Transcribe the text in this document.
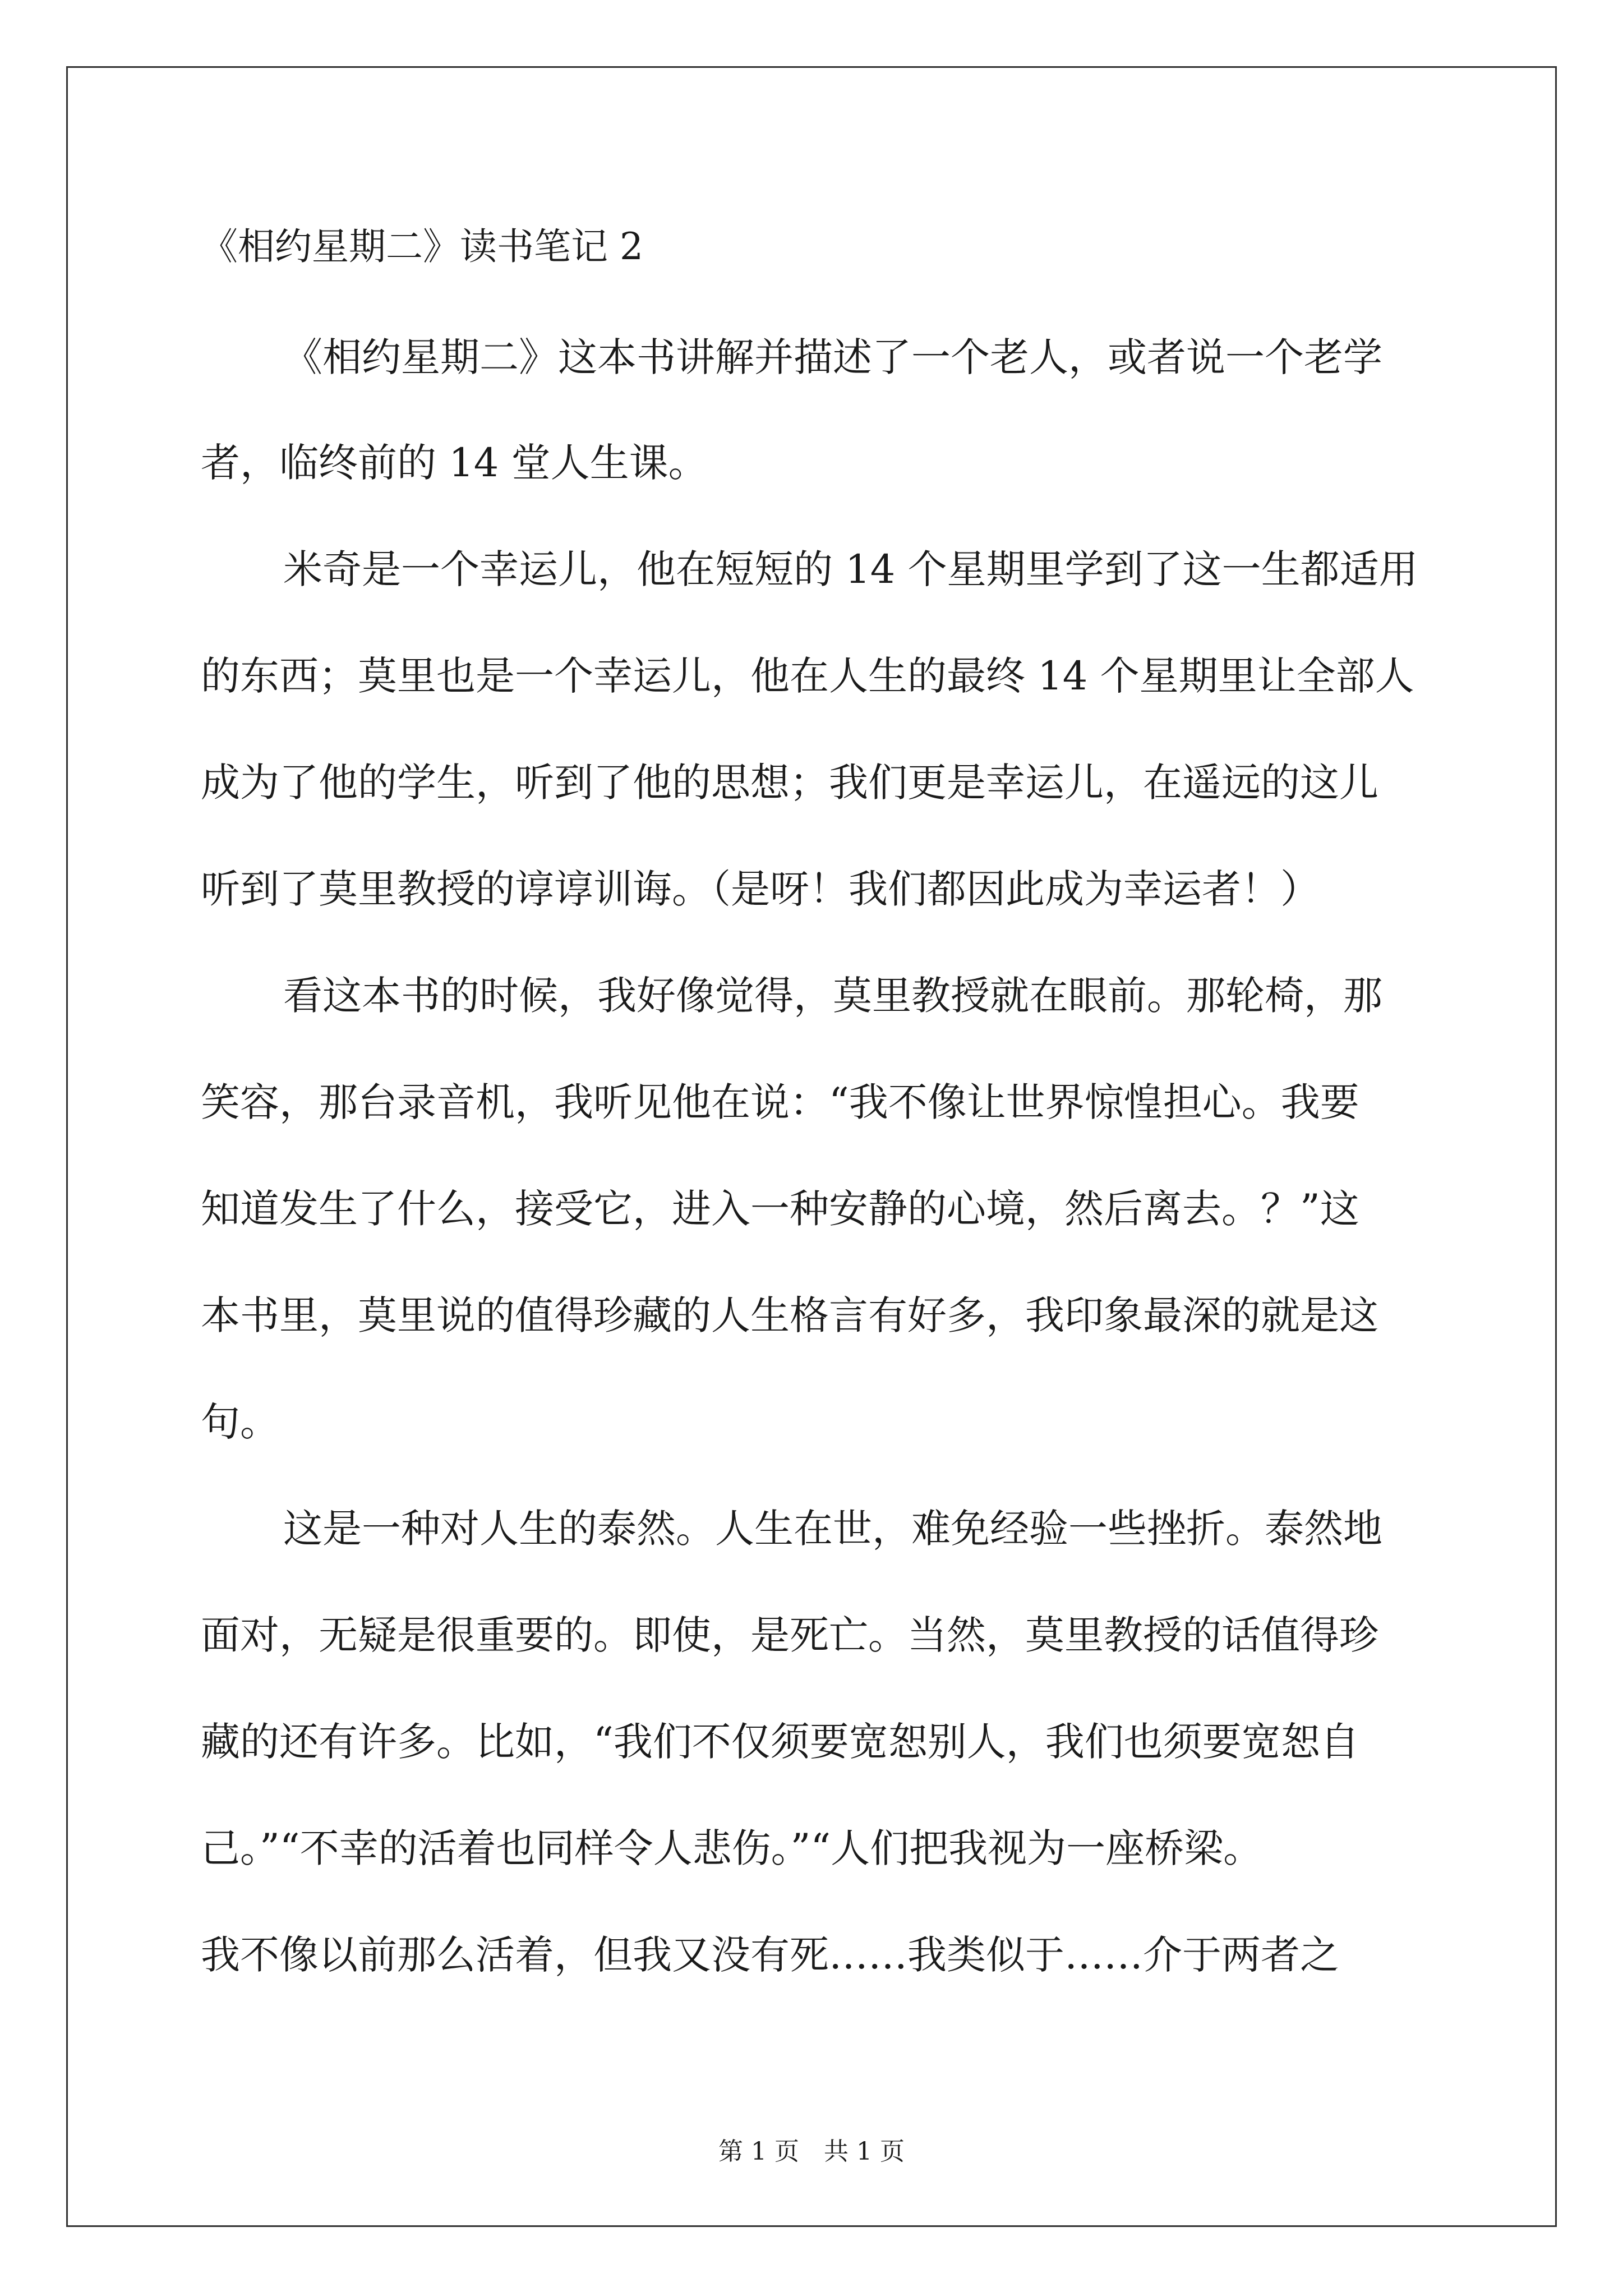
《相约星期二》读书笔记 2
《相约星期二》这本书讲解并描述了一个老人，或者说一个老学
者，临终前的 14 堂人生课。
米奇是一个幸运儿，他在短短的 14 个星期里学到了这一生都适用
的东西；莫里也是一个幸运儿，他在人生的最终 14 个星期里让全部人
成为了他的学生，听到了他的思想；我们更是幸运儿，在遥远的这儿
听到了莫里教授的谆谆训诲。（是呀！我们都因此成为幸运者！）
看这本书的时候，我好像觉得，莫里教授就在眼前。那轮椅，那
笑容，那台录音机，我听见他在说：“我不像让世界惊惶担心。我要
知道发生了什么，接受它，进入一种安静的心境，然后离去。？”这
本书里，莫里说的值得珍藏的人生格言有好多，我印象最深的就是这
句。
这是一种对人生的泰然。人生在世，难免经验一些挫折。泰然地
面对，无疑是很重要的。即使，是死亡。当然，莫里教授的话值得珍
藏的还有许多。比如，“我们不仅须要宽恕别人，我们也须要宽恕自
己。”“不幸的活着也同样令人悲伤。”“人们把我视为一座桥梁。
我不像以前那么活着，但我又没有死……我类似于……介于两者之
第 1 页　共 1 页
